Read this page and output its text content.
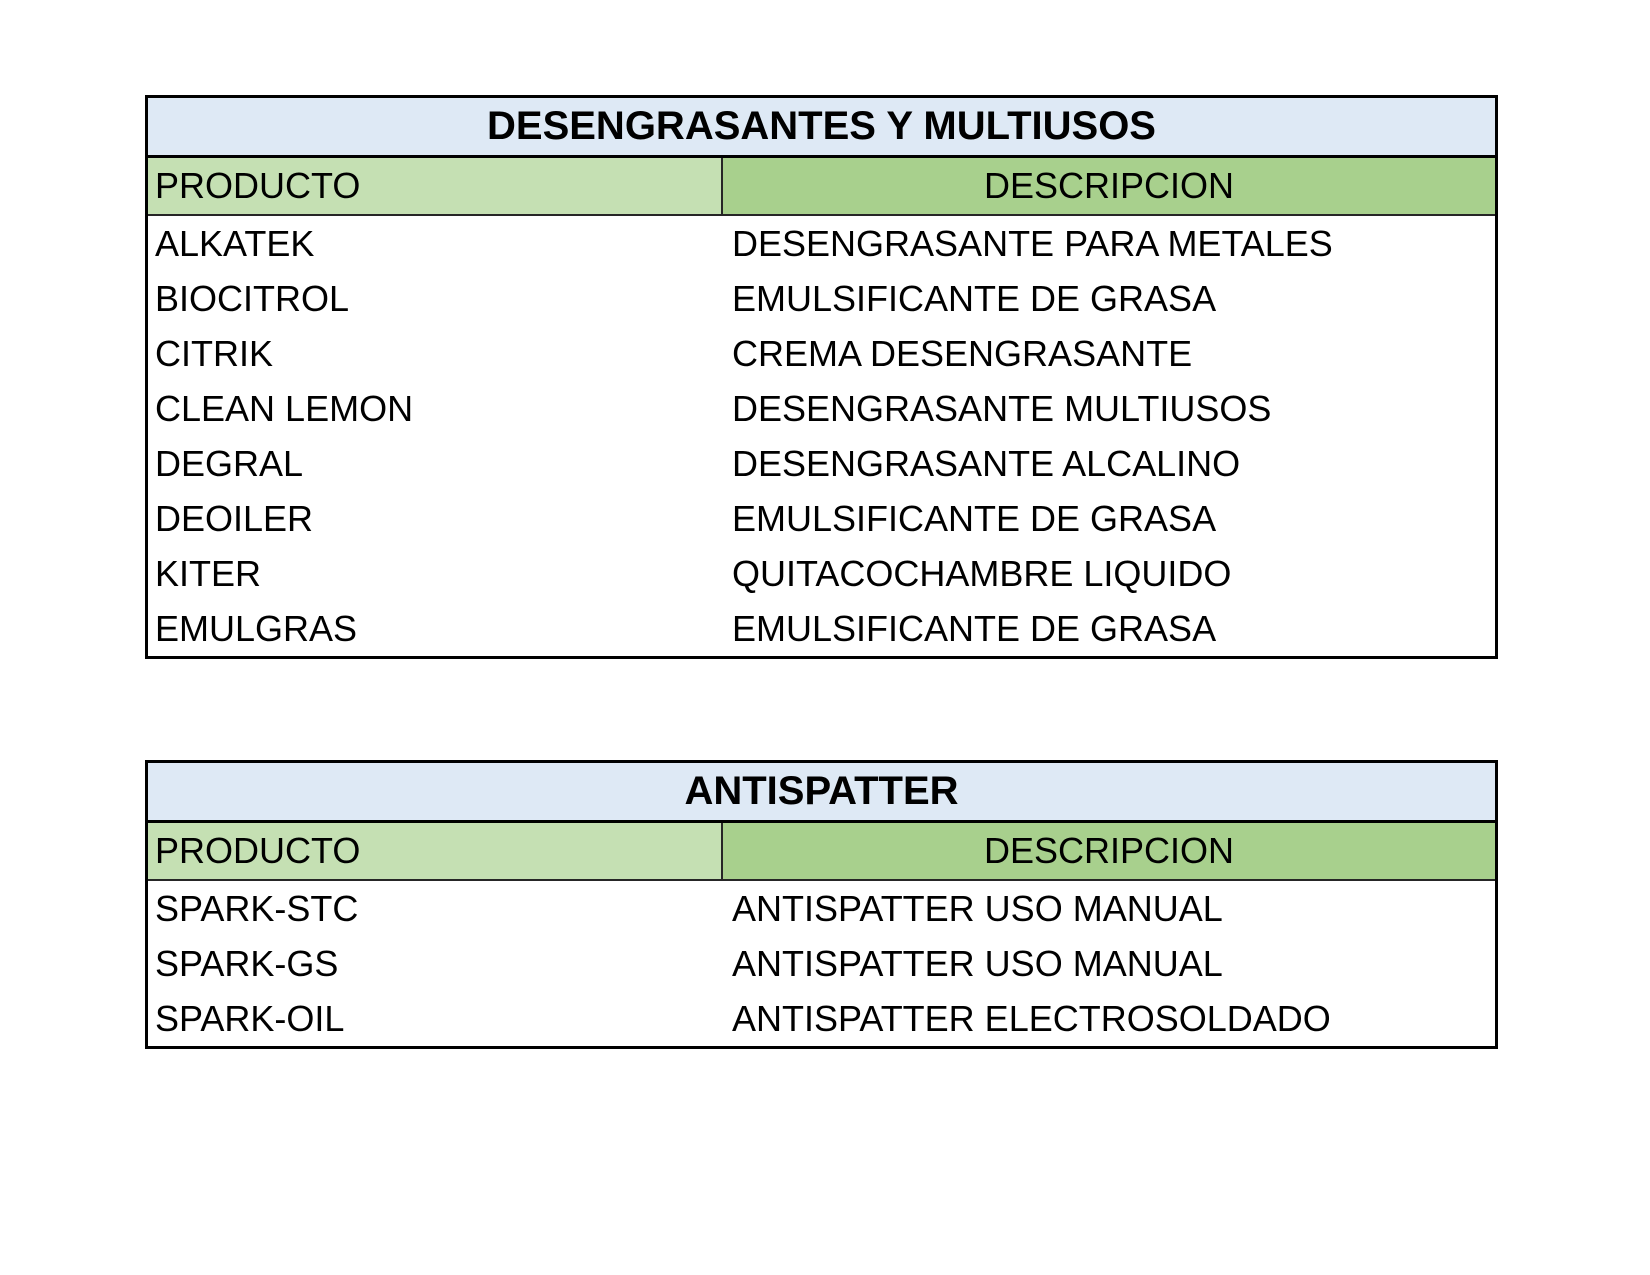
DESENGRASANTES Y MULTIUSOS
PRODUCTO	DESCRIPCION
ALKATEK	DESENGRASANTE PARA METALES
BIOCITROL	EMULSIFICANTE DE GRASA
CITRIK	CREMA DESENGRASANTE
CLEAN LEMON	DESENGRASANTE MULTIUSOS
DEGRAL	DESENGRASANTE ALCALINO
DEOILER	EMULSIFICANTE DE GRASA
KITER	QUITACOCHAMBRE LIQUIDO
EMULGRAS	EMULSIFICANTE DE GRASA
ANTISPATTER
PRODUCTO	DESCRIPCION
SPARK-STC	ANTISPATTER USO MANUAL
SPARK-GS	ANTISPATTER USO MANUAL
SPARK-OIL	ANTISPATTER ELECTROSOLDADO
